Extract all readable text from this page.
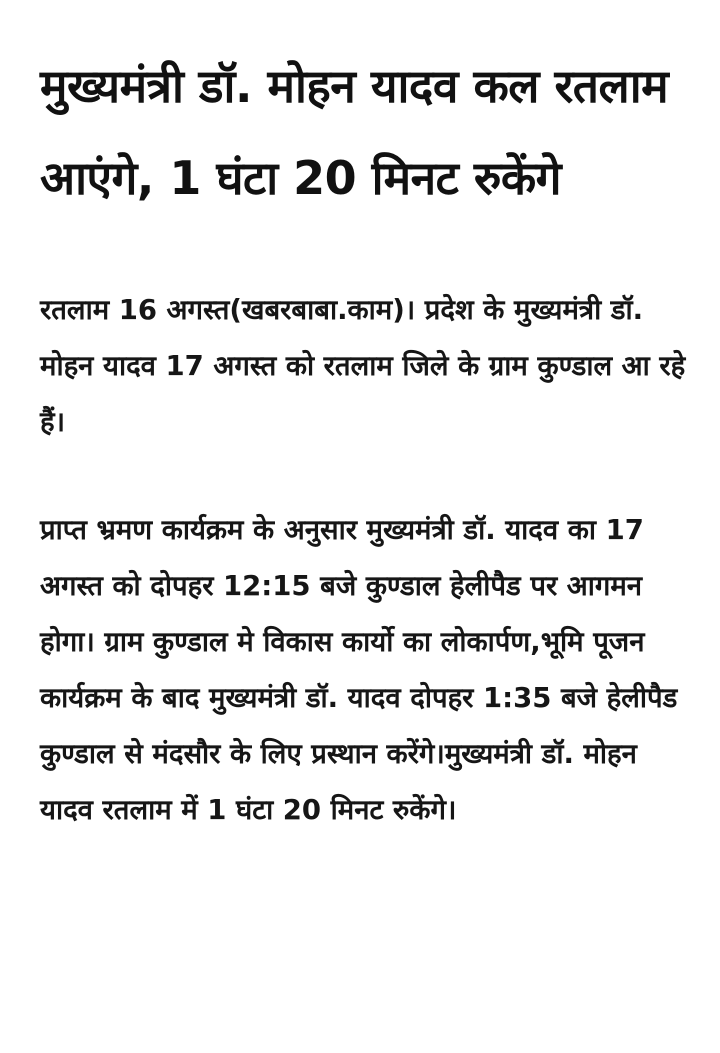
मुख्यमंत्री डॉ. मोहन यादव कल रतलाम आएंगे, 1 घंटा 20 मिनट रुकेंगे

रतलाम 16 अगस्त(खबरबाबा.काम)। प्रदेश के मुख्यमंत्री डॉ. मोहन यादव 17 अगस्त को रतलाम जिले के ग्राम कुण्डाल आ रहे हैं।

प्राप्त भ्रमण कार्यक्रम के अनुसार मुख्यमंत्री डॉ. यादव का 17 अगस्त को दोपहर 12:15 बजे कुण्डाल हेलीपैड पर आगमन होगा। ग्राम कुण्डाल मे विकास कार्यो का लोकार्पण,भूमि पूजन कार्यक्रम के बाद मुख्यमंत्री डॉ. यादव दोपहर 1:35 बजे हेलीपैड कुण्डाल से मंदसौर के लिए प्रस्थान करेंगे।मुख्यमंत्री डॉ. मोहन यादव रतलाम में 1 घंटा 20 मिनट रुकेंगे।
